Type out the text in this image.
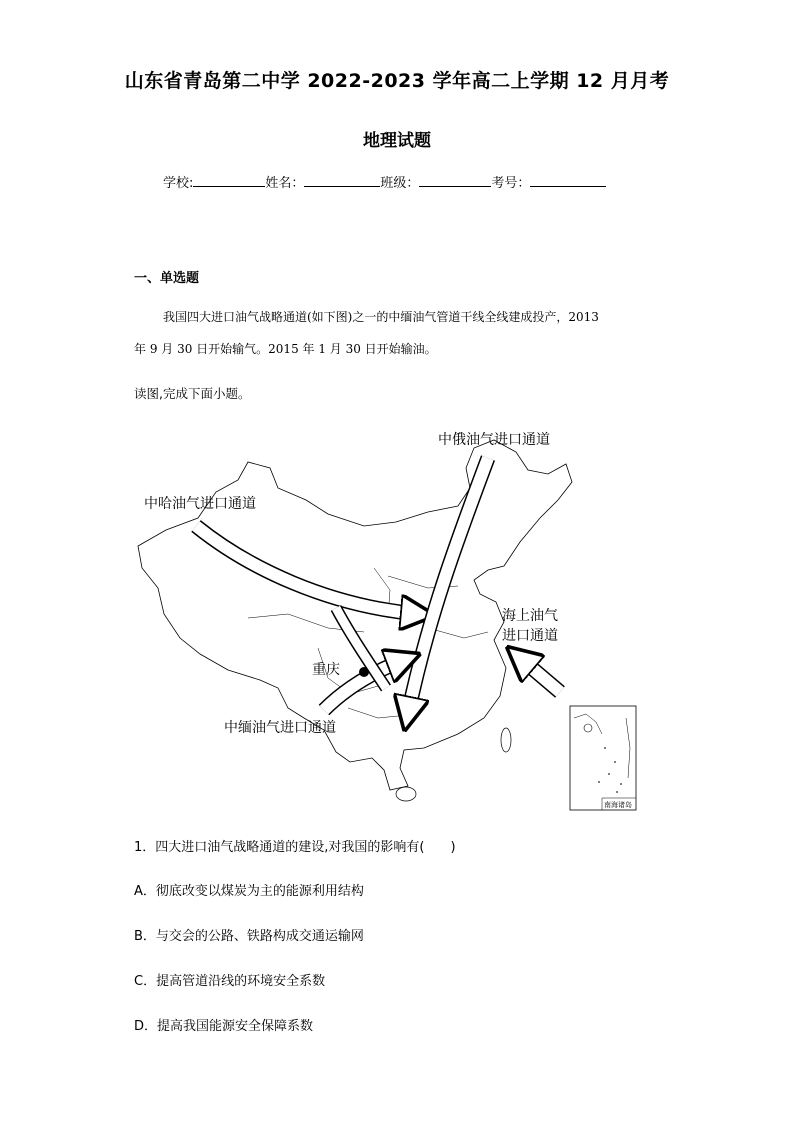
山东省青岛第二中学 2022-2023 学年高二上学期 12 月月考
地理试题
学校:	姓名：	班级：	考号：
一、单选题
我国四大进口油气战略通道(如下图)之一的中缅油气管道干线全线建成投产，2013
年 9 月 30 日开始输气。2015 年 1 月 30 日开始输油。
读图,完成下面小题。
中俄油气进口通道
中哈油气进口通道
海上油气
进口通道
重庆
中缅油气进口通道
南海诸岛
1．四大进口油气战略通道的建设,对我国的影响有(　　)
A．彻底改变以煤炭为主的能源利用结构
B．与交会的公路、铁路构成交通运输网
C．提高管道沿线的环境安全系数
D．提高我国能源安全保障系数
